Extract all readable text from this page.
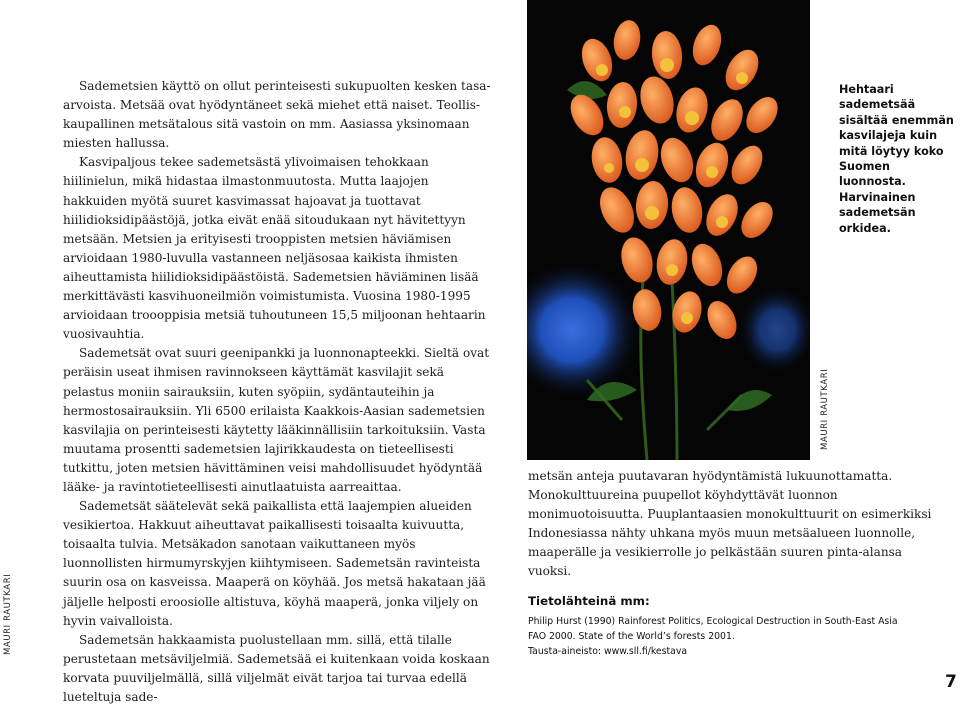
Sademetsien käyttö on ollut perinteisesti sukupuolten kesken tasa-arvoista. Metsää ovat hyödyntäneet sekä miehet että naiset. Teollis-kaupallinen metsätalous sitä vastoin on mm. Aasiassa yksinomaan miesten hallussa.

Kasvipaljous tekee sademetsästä ylivoimaisen tehokkaan hiilinielun, mikä hidastaa ilmastonmuutosta. Mutta laajojen hakkuiden myötä suuret kasvimassat hajoavat ja tuottavat hiilidioksidipäästöjä, jotka eivät enää sitoudukaan nyt hävitettyyn metsään. Metsien ja erityisesti trooppisten metsien häviämisen arvioidaan 1980-luvulla vastanneen neljäsosaa kaikista ihmisten aiheuttamista hiilidioksidipäästöistä. Sademetsien häviäminen lisää merkittävästi kasvihuoneilmiön voimistumista. Vuosina 1980-1995 arvioidaan troooppisia metsiä tuhoutuneen 15,5 miljoonan hehtaarin vuosivauhtia.

Sademetsät ovat suuri geenipankki ja luonnonapteekki. Sieltä ovat peräisin useat ihmisen ravinnokseen käyttämät kasvilajit sekä pelastus moniin sairauksiin, kuten syöpiin, sydäntauteihin ja hermostosairauksiin. Yli 6500 erilaista Kaakkois-Aasian sademetsien kasvilajia on perinteisesti käytetty lääkinnällisiin tarkoituksiin. Vasta muutama prosentti sademetsien lajirikkaudesta on tieteellisesti tutkittu, joten metsien hävittäminen veisi mahdollisuudet hyödyntää lääke- ja ravintotieteellisesti ainutlaatuista aarreaittaa.

Sademetsät säätelevät sekä paikallista että laajempien alueiden vesikiertoa. Hakkuut aiheuttavat paikallisesti toisaalta kuivuutta, toisaalta tulvia. Metsäkadon sanotaan vaikuttaneen myös luonnollisten hirmumyrskyjen kiihtymiseen. Sademetsän ravinteista suurin osa on kasveissa. Maaperä on köyhää. Jos metsä hakataan jää jäljelle helposti eroosiolle altistuva, köyhä maaperä, jonka viljely on hyvin vaivalloista.

Sademetsän hakkaamista puolustellaan mm. sillä, että tilalle perustetaan metsäviljelmiä. Sademetsää ei kuitenkaan voida koskaan korvata puuviljelmällä, sillä viljelmät eivät tarjoa tai turvaa edellä lueteltuja sade-

MAURI RAUTKARI
Hehtaari sademetsää sisältää enemmän kasvilajeja kuin mitä löytyy koko Suomen luonnosta. Harvinainen sademetsän orkidea.

metsän anteja puutavaran hyödyntämistä lukuunottamatta. Monokulttuureina puupellot köyhdyttävät luonnon monimuotoisuutta. Puuplantaasien monokulttuurit on esimerkiksi Indonesiassa nähty uhkana myös muun metsäalueen luonnolle, maaperälle ja vesikierrolle jo pelkästään suuren pinta-alansa vuoksi.

Tietolähteinä mm:
Philip Hurst (1990) Rainforest Politics, Ecological Destruction in South-East Asia
FAO 2000. State of the World’s forests 2001.
Tausta-aineisto: www.sll.fi/kestava
MAURI RAUTKARI
7
